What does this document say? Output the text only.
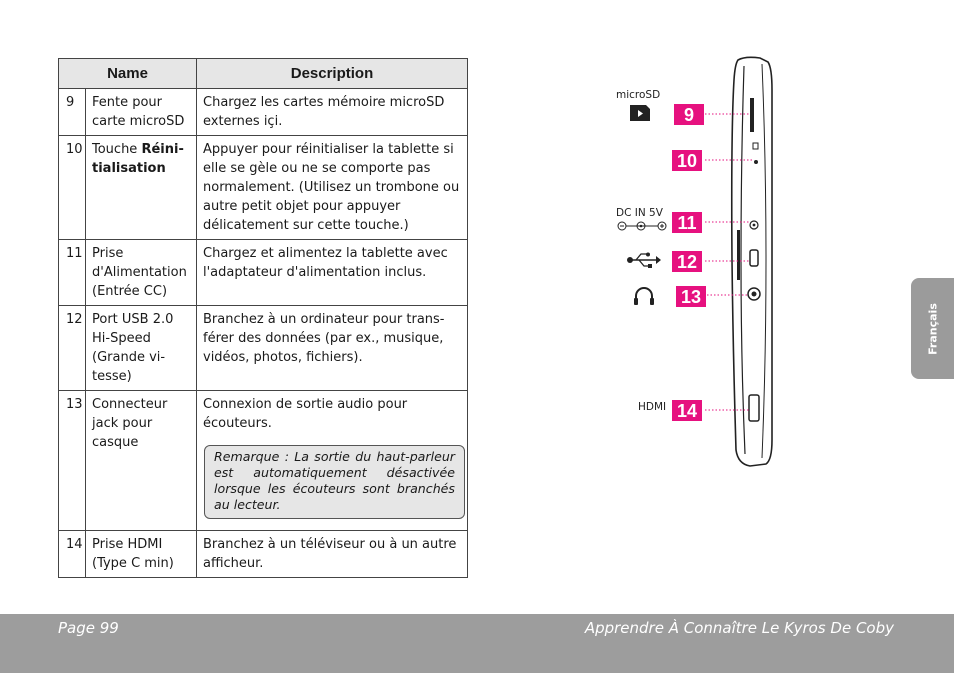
Name		Description
9	Fente pour carte microSD	Chargez les cartes mémoire microSD externes içi.
10	Touche Réini-tialisation	Appuyer pour réinitialiser la tablette si elle se gèle ou ne se comporte pas normalement. (Utilisez un trombone ou autre petit objet pour appuyer délicatement sur cette touche.)
11	Prise d'Alimentation (Entrée CC)	Chargez et alimentez la tablette avec l'adaptateur d'alimentation inclus.
12	Port USB 2.0 Hi-Speed (Grande vi-tesse)	Branchez à un ordinateur pour trans-férer des données (par ex., musique, vidéos, photos, fichiers).
13	Connecteur jack pour casque	Connexion de sortie audio pour écouteurs.
Remarque : La sortie du haut-parleur est automatiquement désactivée lorsque les écouteurs sont branchés au lecteur.

14	Prise HDMI (Type C min)	Branchez à un téléviseur ou à un autre afficheur.
microSD
DC IN 5V
HDMI
9
10
11
12
13
14
Français
Page 99	Apprendre À Connaître Le Kyros De Coby
